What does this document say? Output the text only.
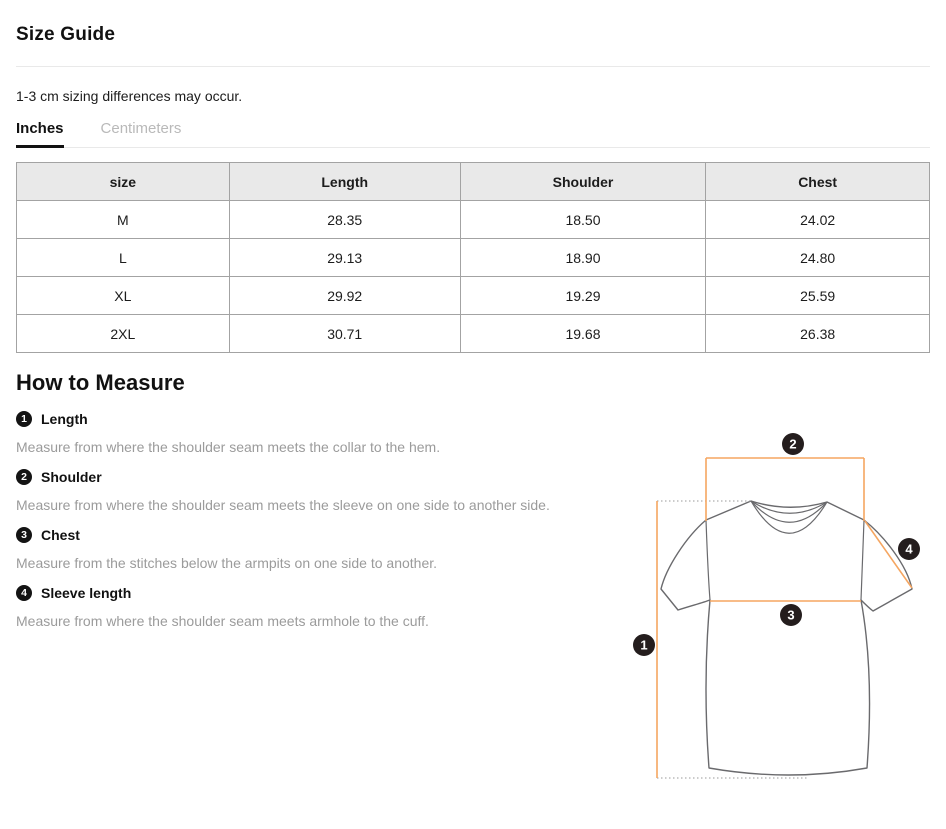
Size Guide

1-3 cm sizing differences may occur.

Inches Centimeters
size	Length	Shoulder	Chest
M	28.35	18.50	24.02
L	29.13	18.90	24.80
XL	29.92	19.29	25.59
2XL	30.71	19.68	26.38
How to Measure
1	Length

Measure from where the shoulder seam meets the collar to the hem.

2	Shoulder

Measure from where the shoulder seam meets the sleeve on one side to another side.

3	Chest

Measure from the stitches below the armpits on one side to another.

4	Sleeve length

Measure from where the shoulder seam meets armhole to the cuff.

1
2
3
4
